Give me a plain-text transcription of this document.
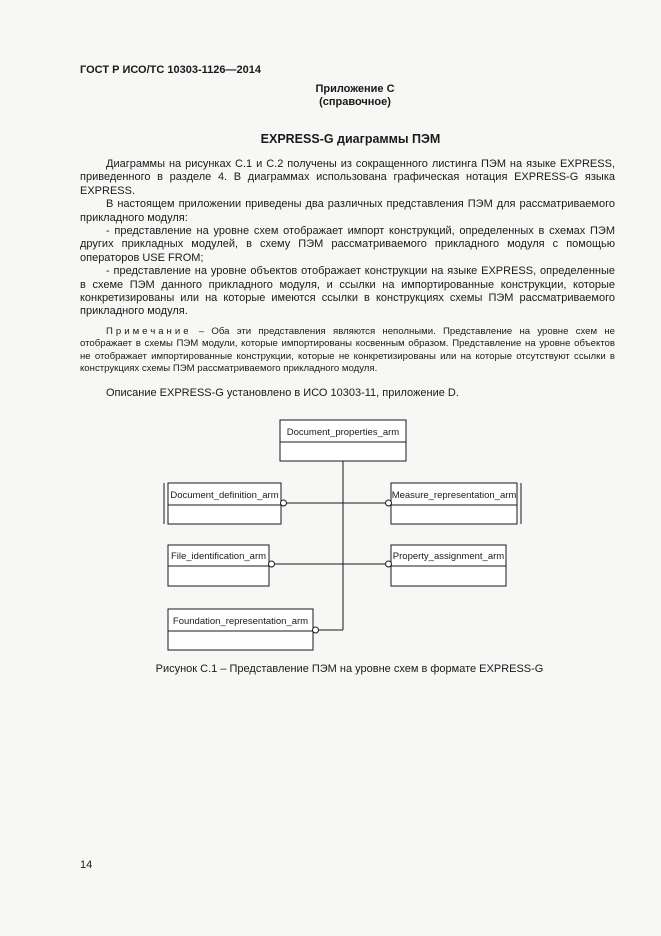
ГОСТ Р ИСО/ТС 10303-1126—2014
Приложение С
(справочное)
EXPRESS-G диаграммы ПЭМ

Диаграммы на рисунках С.1 и С.2 получены из сокращенного листинга ПЭМ на языке EXPRESS, приведенного в разделе 4. В диаграммах использована графическая нотация EXPRESS-G языка EXPRESS.

В настоящем приложении приведены два различных представления ПЭМ для рассматриваемого прикладного модуля:

- представление на уровне схем отображает импорт конструкций, определенных в схемах ПЭМ других прикладных модулей, в схему ПЭМ рассматриваемого прикладного модуля с помощью операторов USE FROM;

- представление на уровне объектов отображает конструкции на языке EXPRESS, определенные в схеме ПЭМ данного прикладного модуля, и ссылки на импортированные конструкции, которые конкретизированы или на которые имеются ссылки в конструкциях схемы ПЭМ рассматриваемого прикладного модуля.

Примечание – Оба эти представления являются неполными. Представление на уровне схем не отображает в схемы ПЭМ модули, которые импортированы косвенным образом. Представление на уровне объектов не отображает импортированные конструкции, которые не конкретизированы или на которые отсутствуют ссылки в конструкциях схемы ПЭМ рассматриваемого прикладного модуля.
Описание EXPRESS-G установлено в ИСО 10303-11, приложение D.
Document_properties_arm
Document_definition_arm	Measure_representation_arm
File_identification_arm	Property_assignment_arm
Foundation_representation_arm
Рисунок С.1 – Представление ПЭМ на уровне схем в формате EXPRESS-G
14
